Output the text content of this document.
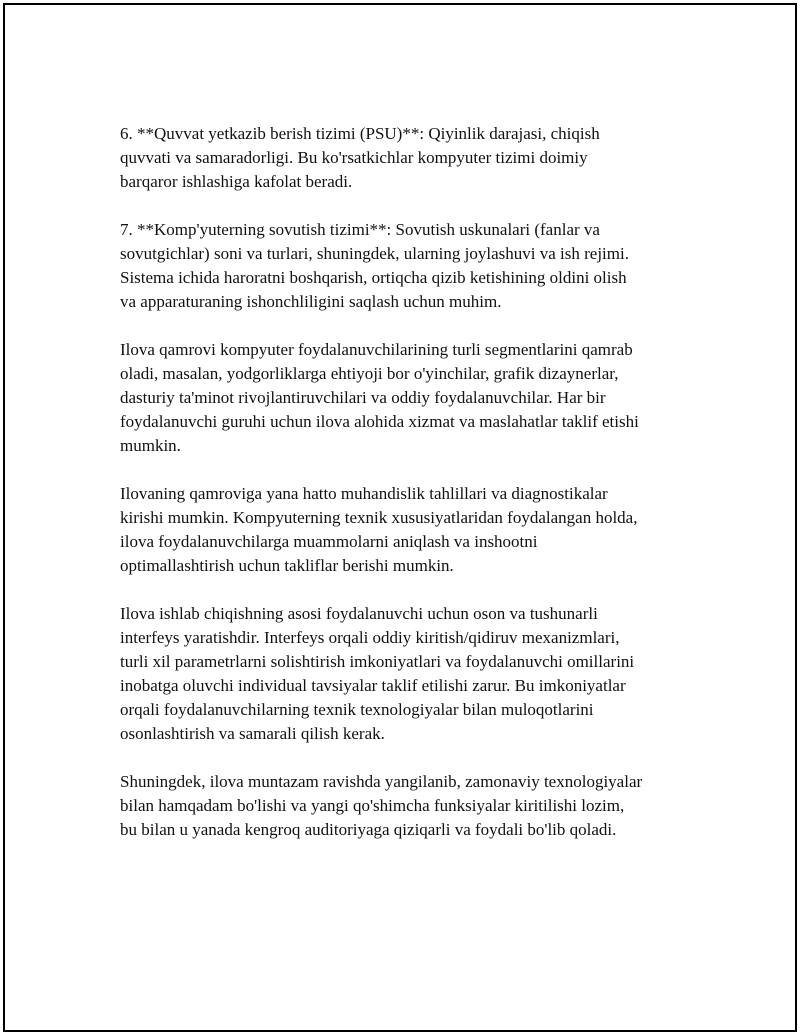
6. **Quvvat yetkazib berish tizimi (PSU)**: Qiyinlik darajasi, chiqish
quvvati va samaradorligi. Bu ko'rsatkichlar kompyuter tizimi doimiy
barqaror ishlashiga kafolat beradi.

7. **Komp'yuterning sovutish tizimi**: Sovutish uskunalari (fanlar va
sovutgichlar) soni va turlari, shuningdek, ularning joylashuvi va ish rejimi.
Sistema ichida haroratni boshqarish, ortiqcha qizib ketishining oldini olish
va apparaturaning ishonchliligini saqlash uchun muhim.

Ilova qamrovi kompyuter foydalanuvchilarining turli segmentlarini qamrab
oladi, masalan, yodgorliklarga ehtiyoji bor o'yinchilar, grafik dizaynerlar,
dasturiy ta'minot rivojlantiruvchilari va oddiy foydalanuvchilar. Har bir
foydalanuvchi guruhi uchun ilova alohida xizmat va maslahatlar taklif etishi
mumkin.

Ilovaning qamroviga yana hatto muhandislik tahlillari va diagnostikalar
kirishi mumkin. Kompyuterning texnik xususiyatlaridan foydalangan holda,
ilova foydalanuvchilarga muammolarni aniqlash va inshootni
optimallashtirish uchun takliflar berishi mumkin.

Ilova ishlab chiqishning asosi foydalanuvchi uchun oson va tushunarli
interfeys yaratishdir. Interfeys orqali oddiy kiritish/qidiruv mexanizmlari,
turli xil parametrlarni solishtirish imkoniyatlari va foydalanuvchi omillarini
inobatga oluvchi individual tavsiyalar taklif etilishi zarur. Bu imkoniyatlar
orqali foydalanuvchilarning texnik texnologiyalar bilan muloqotlarini
osonlashtirish va samarali qilish kerak.

Shuningdek, ilova muntazam ravishda yangilanib, zamonaviy texnologiyalar
bilan hamqadam bo'lishi va yangi qo'shimcha funksiyalar kiritilishi lozim,
bu bilan u yanada kengroq auditoriyaga qiziqarli va foydali bo'lib qoladi.
